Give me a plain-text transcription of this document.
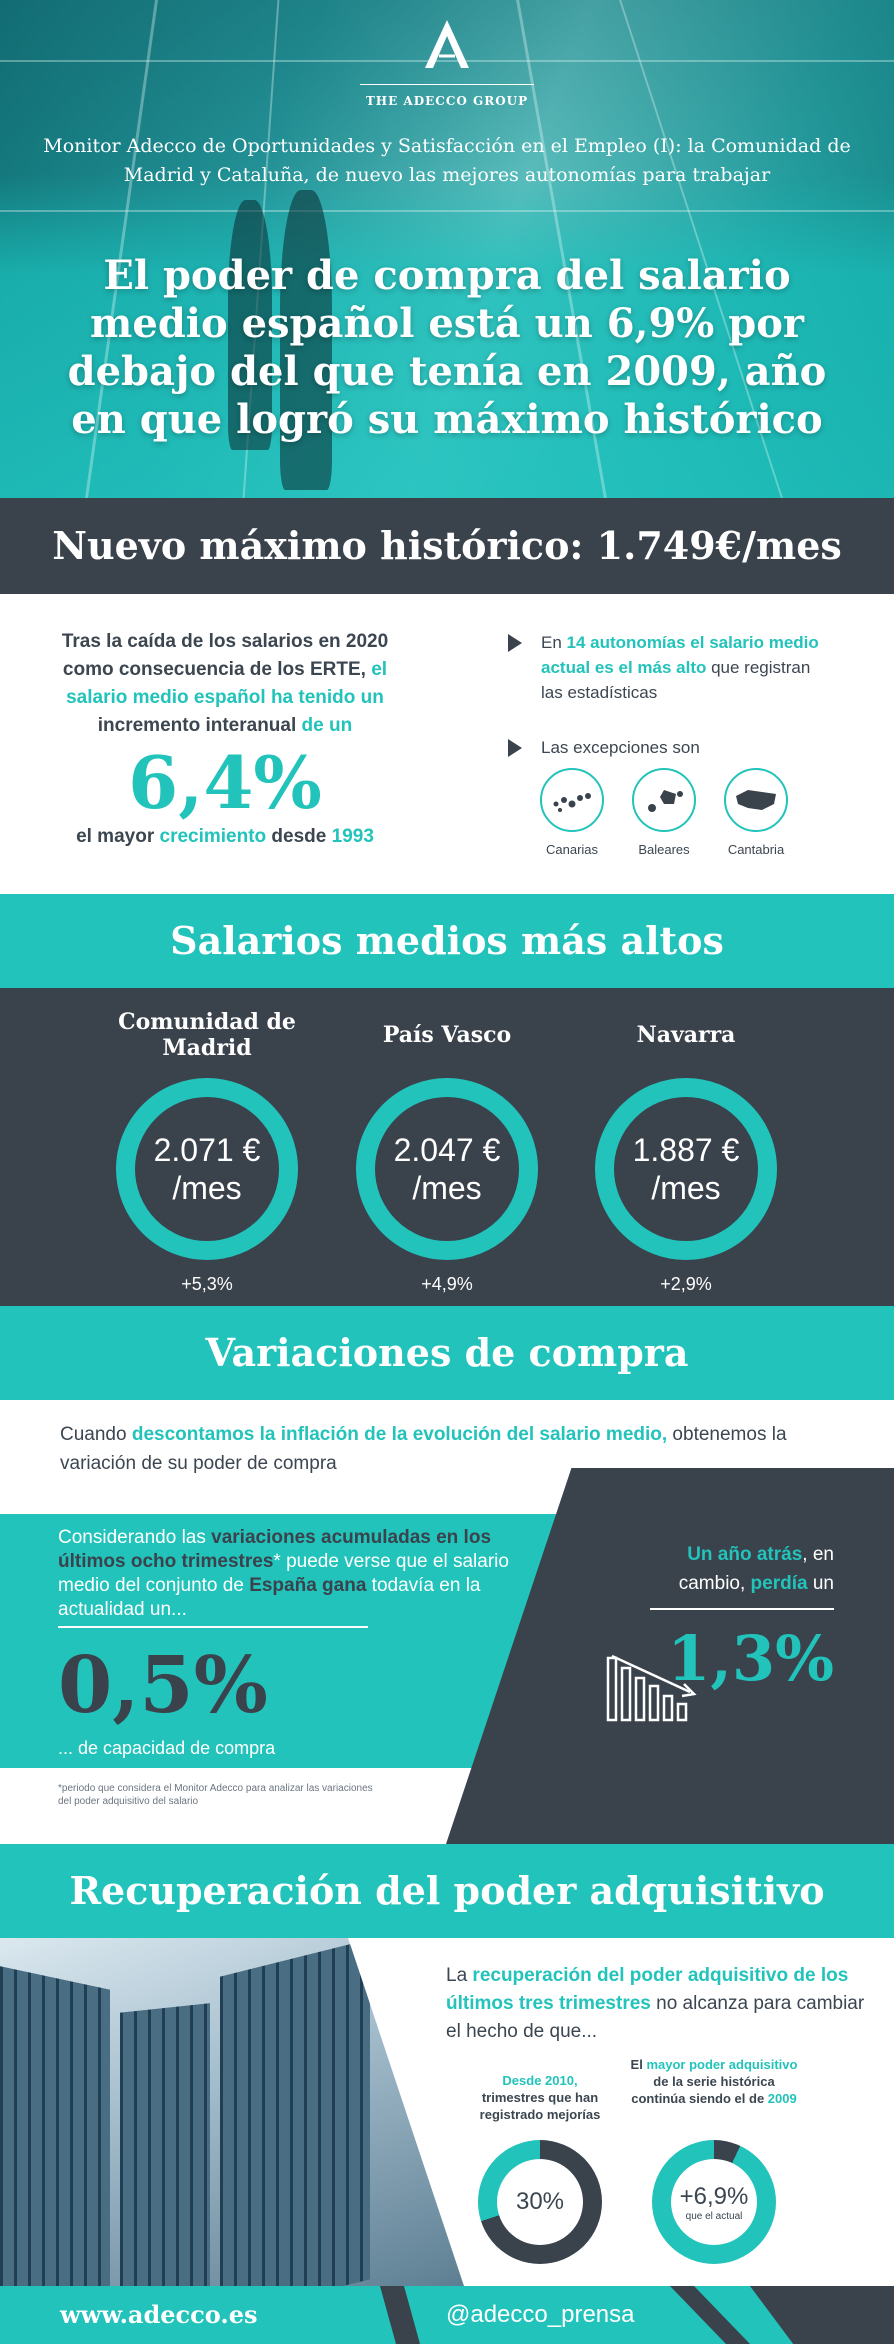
THE ADECCO GROUP
Monitor Adecco de Oportunidades y Satisfacción en el Empleo (I): la Comunidad de Madrid y Cataluña, de nuevo las mejores autonomías para trabajar
El poder de compra del salario medio español está un 6,9% por debajo del que tenía en 2009, año en que logró su máximo histórico
Nuevo máximo histórico: 1.749€/mes
Tras la caída de los salarios en 2020 como consecuencia de los ERTE, el salario medio español ha tenido un incremento interanual de un
6,4%
el mayor crecimiento desde 1993
En 14 autonomías el salario medio actual es el más alto que registran las estadísticas
Las excepciones son
Canarias	Baleares	Cantabria
Salarios medios más altos
Comunidad de Madrid
2.071 €
/mes
+5,3%
País Vasco
2.047 €
/mes
+4,9%
Navarra
1.887 €
/mes
+2,9%
Variaciones de compra
Cuando descontamos la inflación de la evolución del salario medio, obtenemos la variación de su poder de compra
Considerando las variaciones acumuladas en los últimos ocho trimestres* puede verse que el salario medio del conjunto de España gana todavía en la actualidad un...
0,5%
... de capacidad de compra
*periodo que considera el Monitor Adecco para analizar las variaciones del poder adquisitivo del salario
Un año atrás, en cambio, perdía un
1,3%
Recuperación del poder adquisitivo
La recuperación del poder adquisitivo de los últimos tres trimestres no alcanza para cambiar el hecho de que...
Desde 2010,
trimestres que han registrado mejorías
30%
El mayor poder adquisitivo de la serie histórica continúa siendo el de 2009
+6,9%
que el actual
www.adecco.es	@adecco_prensa
